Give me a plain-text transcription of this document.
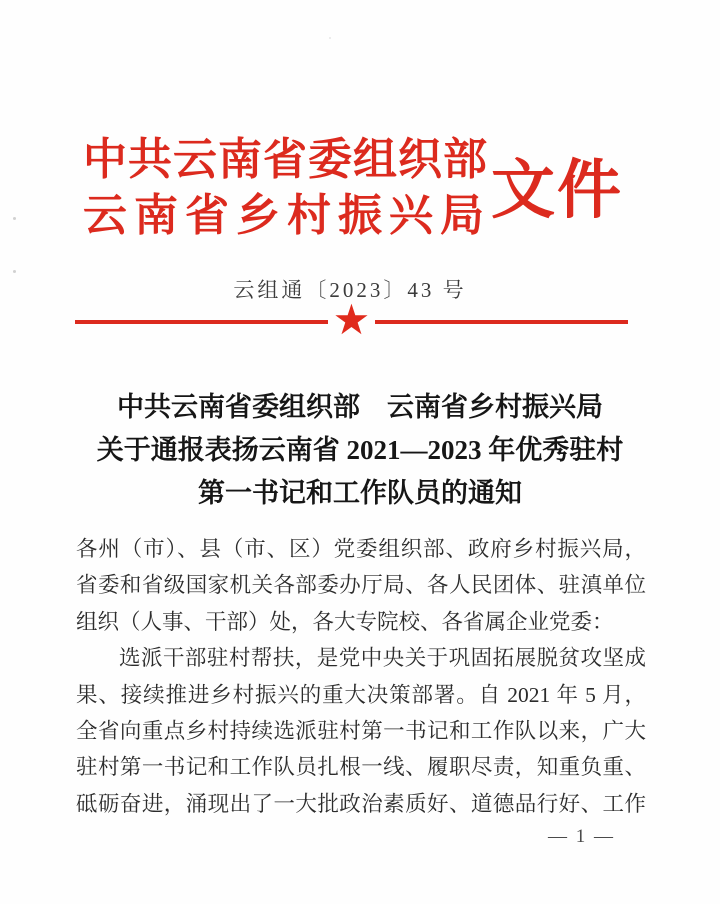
中共云南省委组织部
云南省乡村振兴局 文件
云组通〔2023〕43 号
★
中共云南省委组织部　云南省乡村振兴局
关于通报表扬云南省 2021—2023 年优秀驻村
第一书记和工作队员的通知
各州（市）、县（市、区）党委组织部、政府乡村振兴局，
省委和省级国家机关各部委办厅局、各人民团体、驻滇单位
组织（人事、干部）处，各大专院校、各省属企业党委：
选派干部驻村帮扶，是党中央关于巩固拓展脱贫攻坚成
果、接续推进乡村振兴的重大决策部署。自 2021 年 5 月，
全省向重点乡村持续选派驻村第一书记和工作队以来，广大
驻村第一书记和工作队员扎根一线、履职尽责，知重负重、
砥砺奋进，涌现出了一大批政治素质好、道德品行好、工作
— 1 —
